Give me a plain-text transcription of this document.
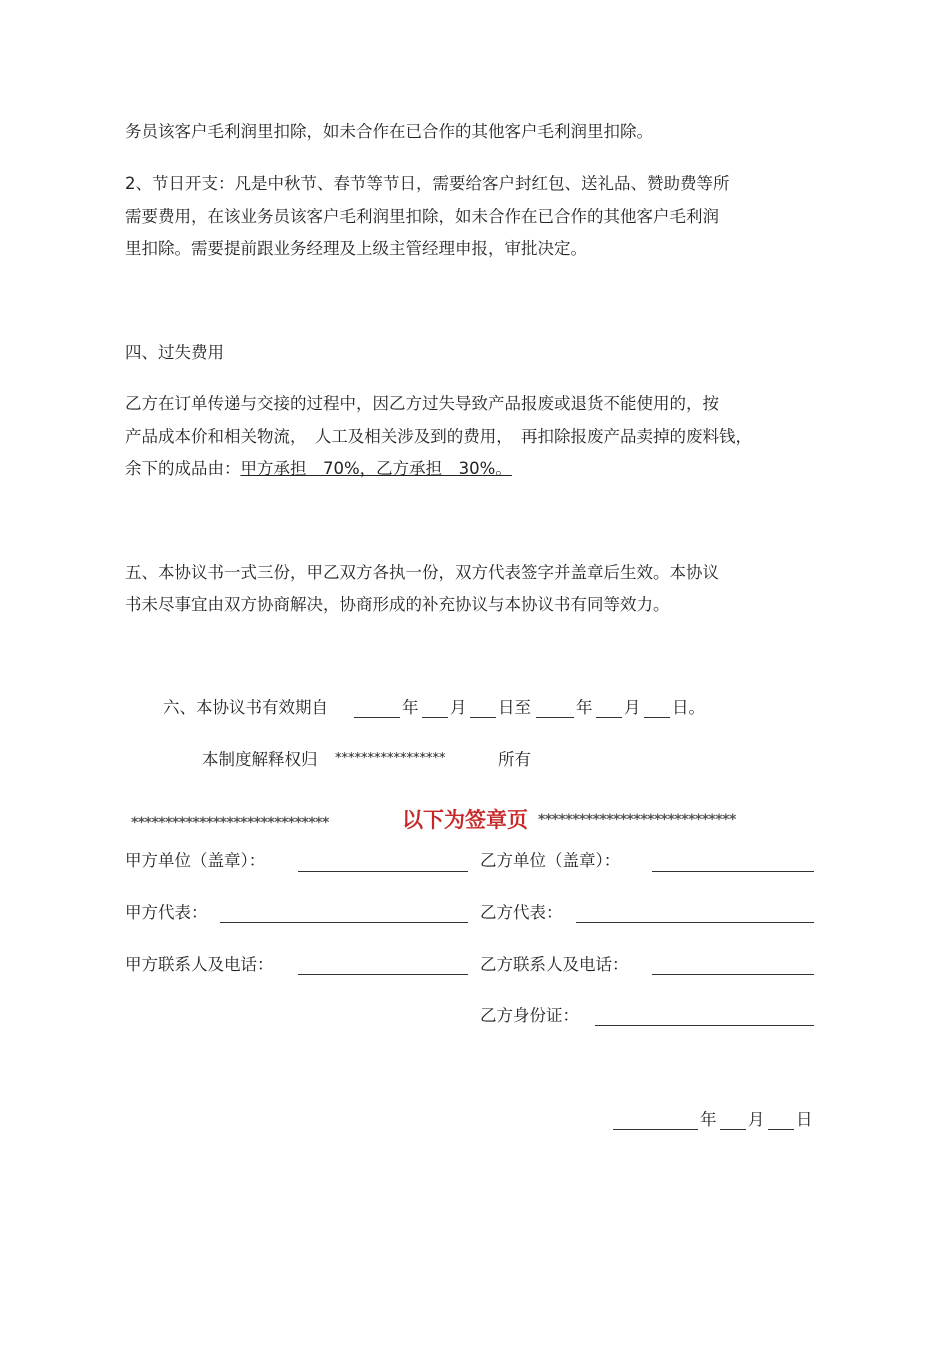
务员该客户毛利润里扣除，如未合作在已合作的其他客户毛利润里扣除。
2、节日开支：凡是中秋节、春节等节日，需要给客户封红包、送礼品、赞助费等所
需要费用，在该业务员该客户毛利润里扣除，如未合作在已合作的其他客户毛利润
里扣除。需要提前跟业务经理及上级主管经理申报，审批决定。
四、过失费用
乙方在订单传递与交接的过程中，因乙方过失导致产品报废或退货不能使用的，按
产品成本价和相关物流，　人工及相关涉及到的费用，　再扣除报废产品卖掉的废料钱，
余下的成品由：甲方承担　70%，乙方承担　30%。
五、本协议书一式三份，甲乙双方各执一份，双方代表签字并盖章后生效。本协议
书未尽事宜由双方协商解决，协商形成的补充协议与本协议书有同等效力。
六、本协议书有效期自	年 月 日至	年 月 日。
本制度解释权归 *****************	所有
*****************************	以下为签章页 *****************************
甲方单位（盖章）：	乙方单位（盖章）：
甲方代表：	乙方代表：
甲方联系人及电话：	乙方联系人及电话：
乙方身份证：
年 月 日
